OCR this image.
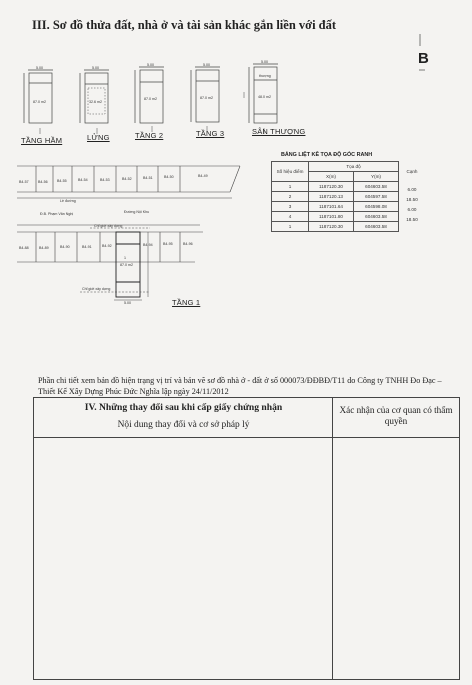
III. Sơ đồ thửa đất, nhà ở và tài sản khác gắn liền với đất
B
TẦNG HẦM	LỬNG	TẦNG 2	TẦNG 3	SÂN THƯỢNG
TẦNG 1
5.00	5.00
5.00	5.00
5.00
87.0 m2	32.6 m2
87.0 m2	87.0 m2	48.0 m2
thượng
B4-57	B4-56	B4-55	B4-54	B4-53	B4-52	B4-51	B4-50	B4-49
B4-88	B4-89	B4-90	B4-91	B4-92	B4-94	B4-95	B4-96
Lề đường
Đ.B. Phạm Văn Nghị	Đường Nội Khu
Chỉ giới xây dựng
Chỉ giới xây dựng
87.0 m2
1
5.00
BẢNG LIỆT KÊ TỌA ĐỘ GÓC RANH
Số hiệu điểm	Tọa độ		Cạnh
	X(m)	Y(m)	
1	1187120.30	604603.58	6.00
2	1187120.13	604597.58	18.50
3	1187101.64	604598.08	6.00
4	1187101.80	604603.58	18.50
1	1187120.30	604603.58	
Phần chi tiết xem bản đồ hiện trạng vị trí và bản vẽ sơ đồ nhà ở - đất ở số 000073/ĐĐBĐ/T11 do Công ty TNHH Đo Đạc – Thiết Kế Xây Dựng Phúc Đức Nghĩa lập ngày 24/11/2012
IV. Những thay đổi sau khi cấp giấy chứng nhận
Nội dung thay đổi và cơ sở pháp lý
Xác nhận của cơ quan có thẩm quyền
